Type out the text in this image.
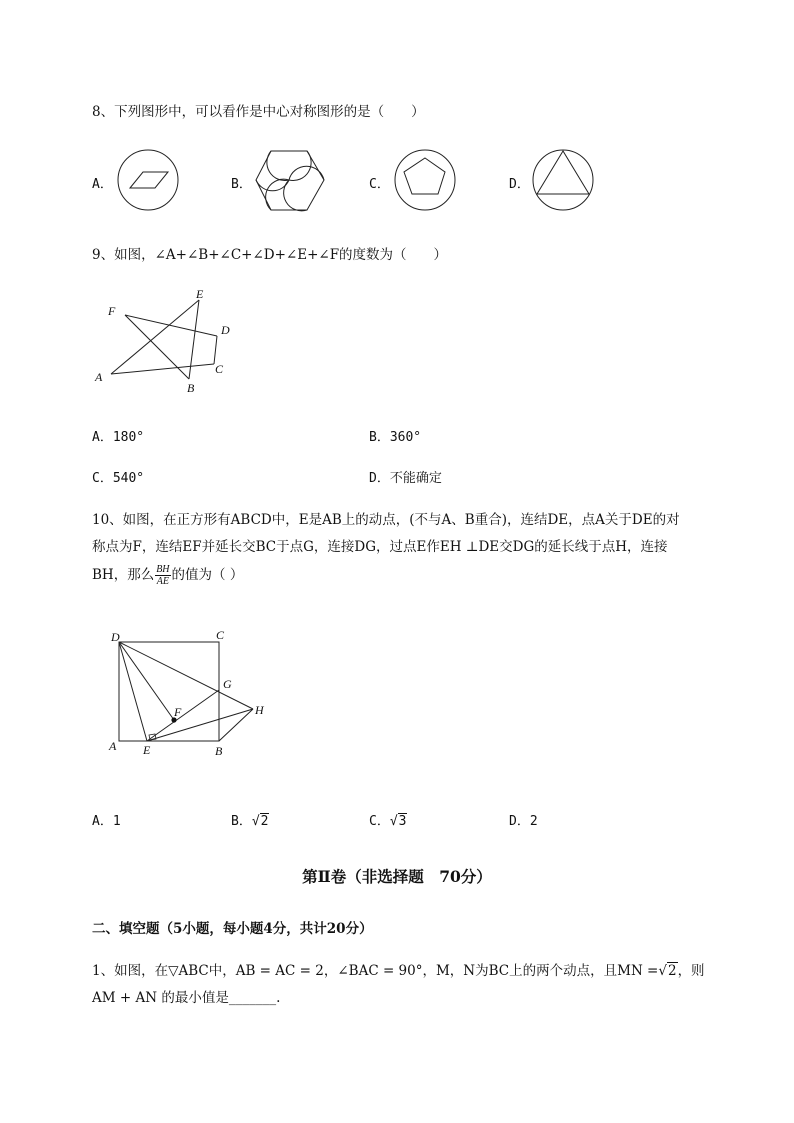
8、下列图形中，可以看作是中心对称图形的是（　　）
A．	B．	C．	D．
9、如图，∠A+∠B+∠C+∠D+∠E+∠F的度数为（　　）
F
E
D
C
A
B
A．180°	B．360°
C．540°	D．不能确定
10、如图，在正方形有ABCD中，E是AB上的动点，(不与A、B重合)，连结DE，点A关于DE的对
称点为F，连结EF并延长交BC于点G，连接DG，过点E作EH ⊥DE交DG的延长线于点H，连接
BH，那么 $\frac{BH}{AE}$ 的值为（ ）
D	C
G
H
F
A E	B
A．1	B．√2	C．√3	D．2
第Ⅱ卷（非选择题　70分）
二、填空题（5小题，每小题4分，共计20分）
1、如图，在▽ABC中，AB = AC = 2，∠BAC = 90°，M，N为BC上的两个动点，且MN =√2，则
AM + AN 的最小值是_______.
